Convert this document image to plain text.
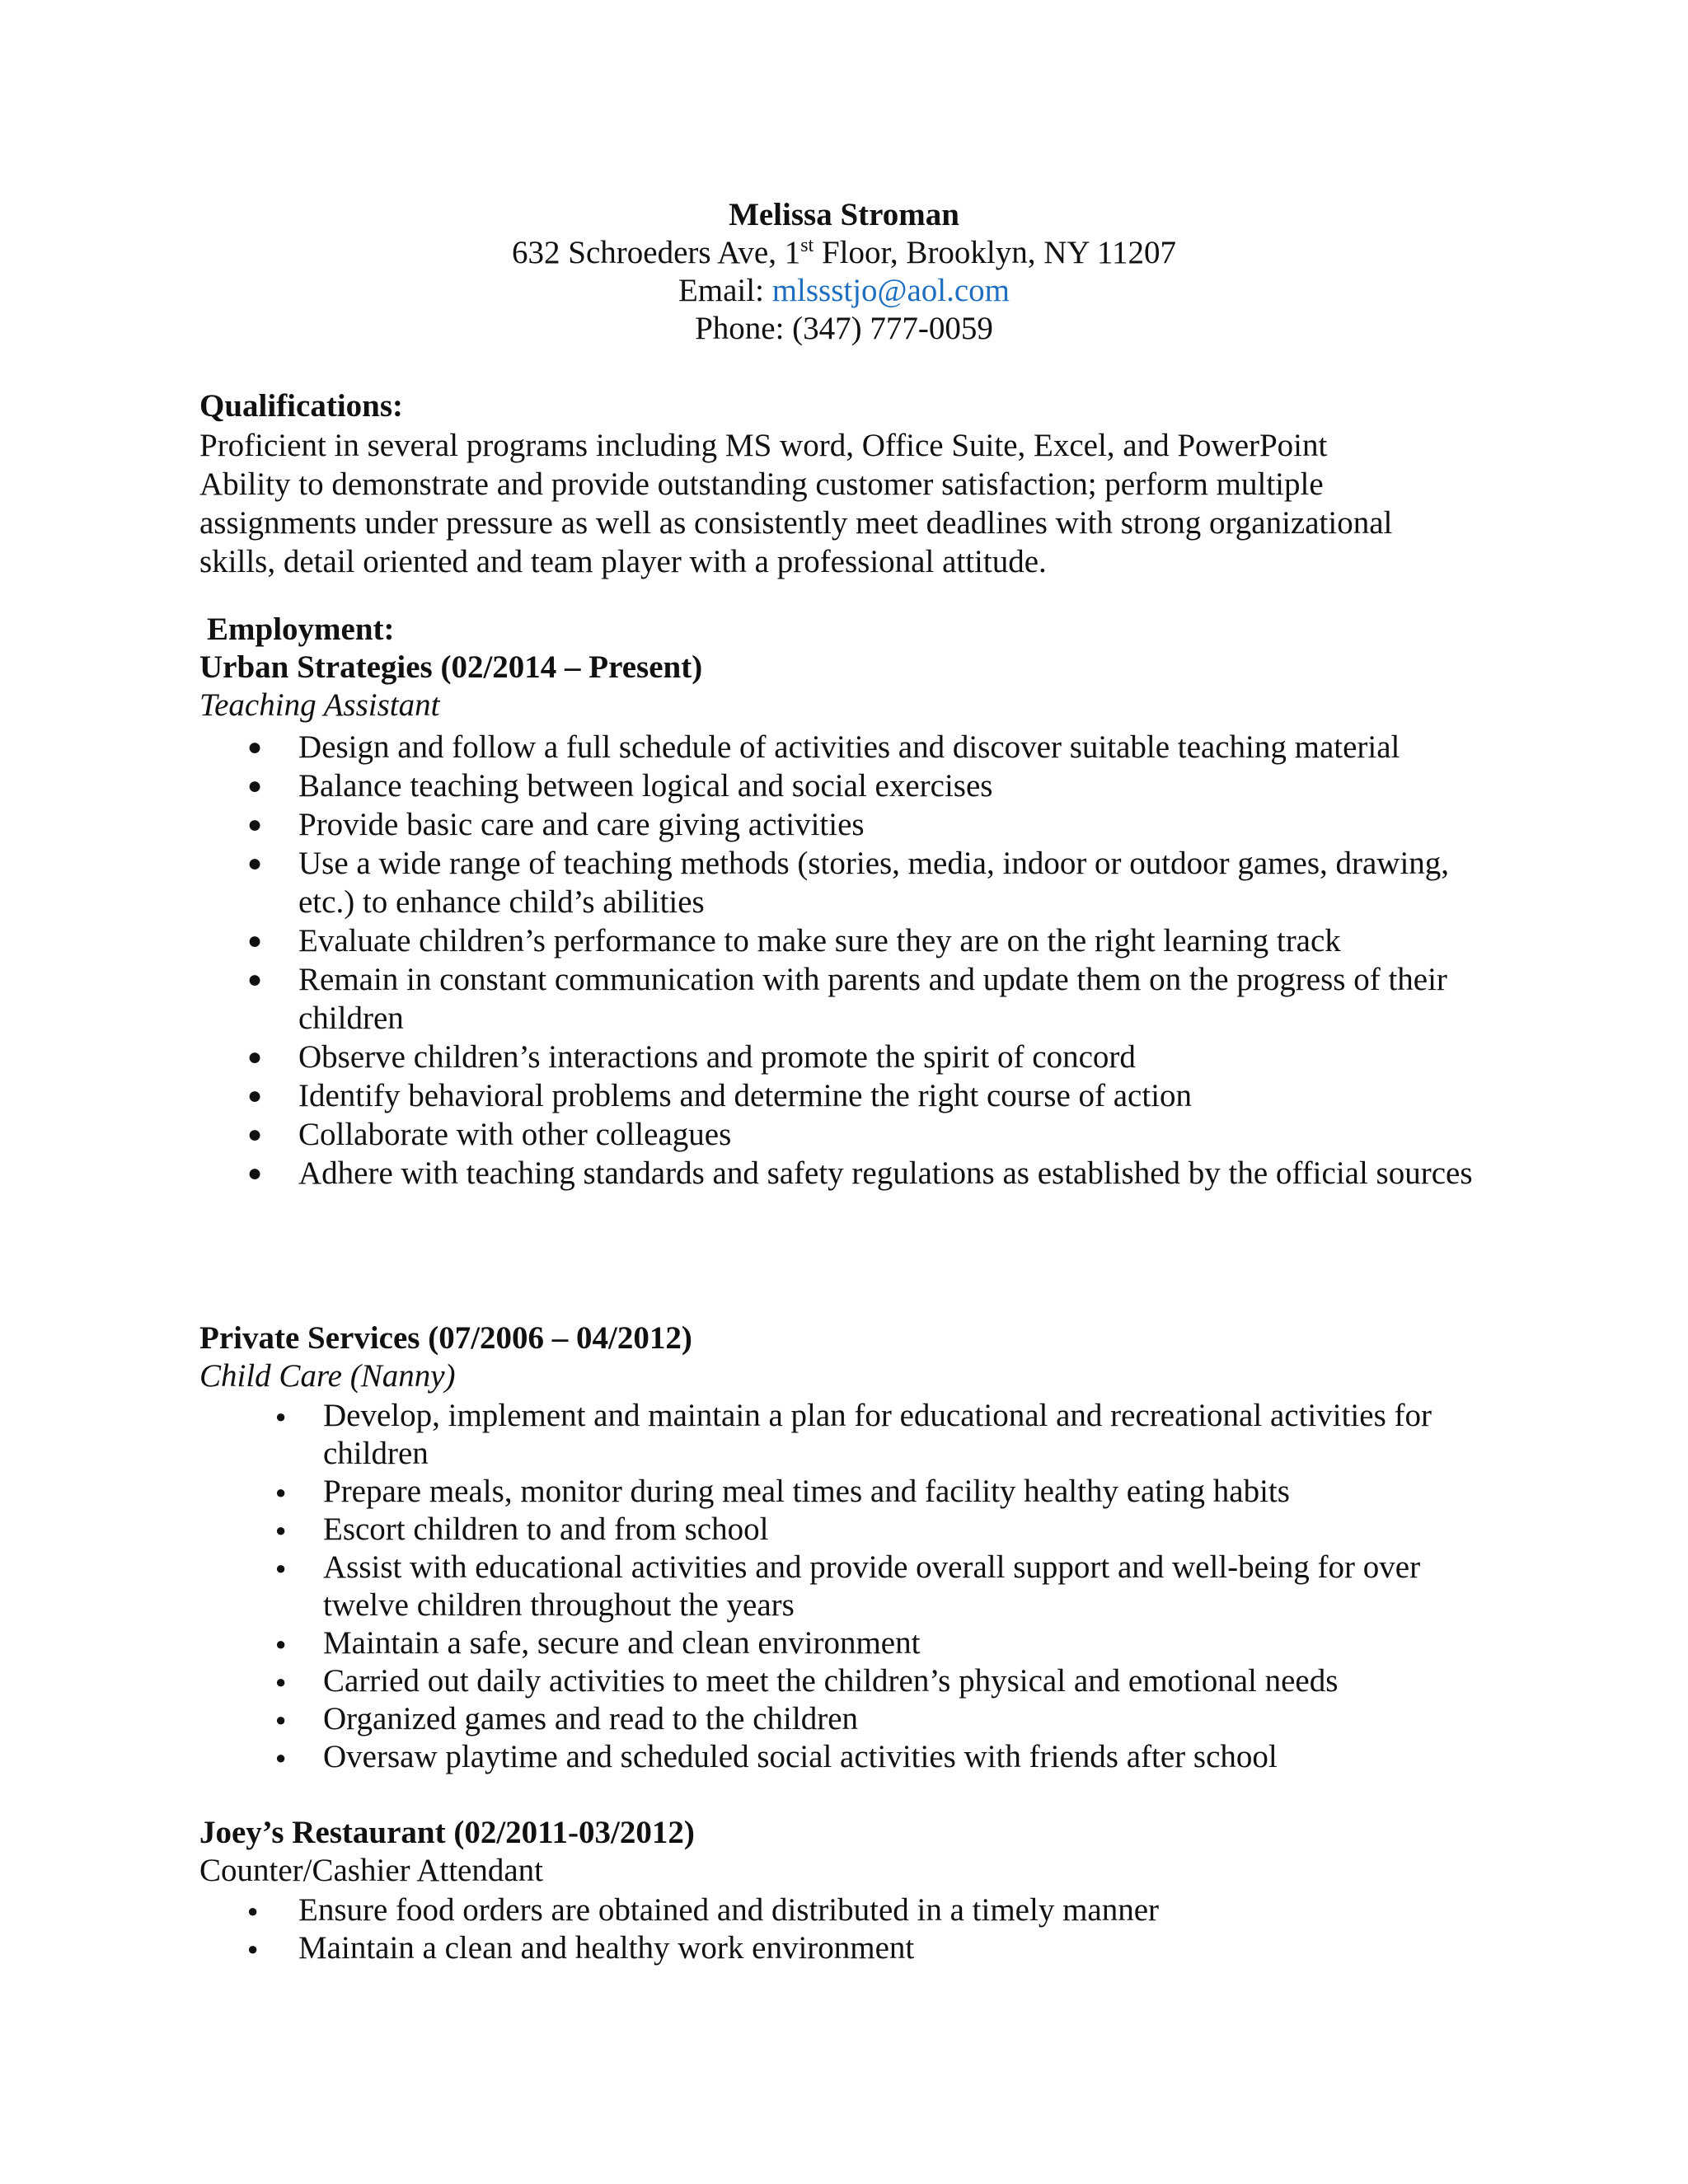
Melissa Stroman
632 Schroeders Ave, 1st Floor, Brooklyn, NY 11207
Email: mlssstjo@aol.com
Phone: (347) 777-0059
Qualifications:
Proficient in several programs including MS word, Office Suite, Excel, and PowerPoint
Ability to demonstrate and provide outstanding customer satisfaction; perform multiple
assignments under pressure as well as consistently meet deadlines with strong organizational
skills, detail oriented and team player with a professional attitude.
Employment:
Urban Strategies (02/2014 – Present)
Teaching Assistant
● Design and follow a full schedule of activities and discover suitable teaching material
● Balance teaching between logical and social exercises
● Provide basic care and care giving activities
● Use a wide range of teaching methods (stories, media, indoor or outdoor games, drawing, etc.) to enhance child’s abilities
● Evaluate children’s performance to make sure they are on the right learning track
● Remain in constant communication with parents and update them on the progress of their children
● Observe children’s interactions and promote the spirit of concord
● Identify behavioral problems and determine the right course of action
● Collaborate with other colleagues
● Adhere with teaching standards and safety regulations as established by the official sources
Private Services (07/2006 – 04/2012)
Child Care (Nanny)
● Develop, implement and maintain a plan for educational and recreational activities for children
● Prepare meals, monitor during meal times and facility healthy eating habits
● Escort children to and from school
● Assist with educational activities and provide overall support and well-being for over twelve children throughout the years
● Maintain a safe, secure and clean environment
● Carried out daily activities to meet the children’s physical and emotional needs
● Organized games and read to the children
● Oversaw playtime and scheduled social activities with friends after school
Joey’s Restaurant (02/2011-03/2012)
Counter/Cashier Attendant
● Ensure food orders are obtained and distributed in a timely manner
● Maintain a clean and healthy work environment
